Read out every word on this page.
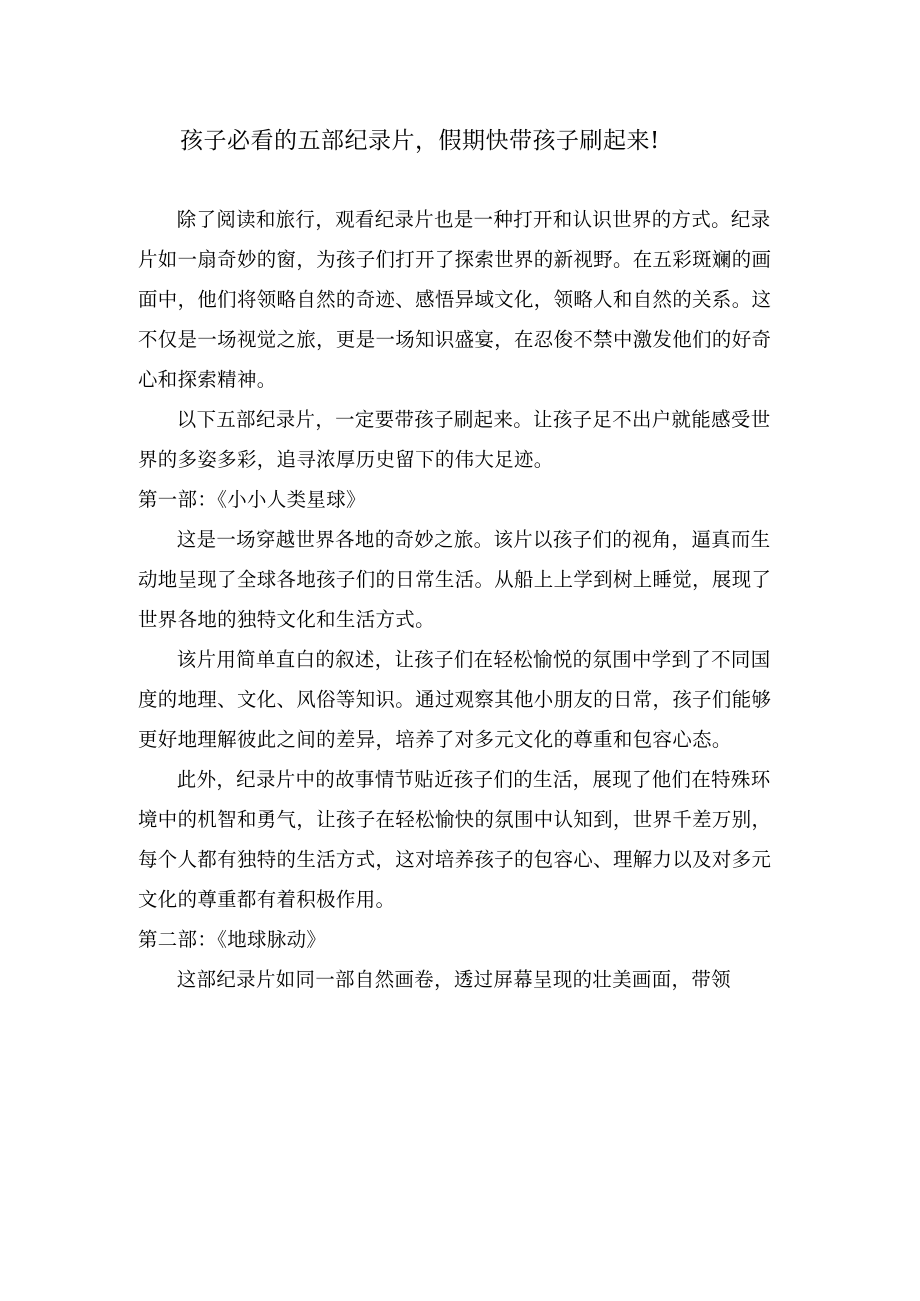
孩子必看的五部纪录片，假期快带孩子刷起来!

除了阅读和旅行，观看纪录片也是一种打开和认识世界的方式。纪录
片如一扇奇妙的窗，为孩子们打开了探索世界的新视野。在五彩斑斓的画
面中，他们将领略自然的奇迹、感悟异域文化，领略人和自然的关系。这
不仅是一场视觉之旅，更是一场知识盛宴，在忍俊不禁中激发他们的好奇
心和探索精神。

以下五部纪录片，一定要带孩子刷起来。让孩子足不出户就能感受世
界的多姿多彩，追寻浓厚历史留下的伟大足迹。

第一部：《小小人类星球》

这是一场穿越世界各地的奇妙之旅。该片以孩子们的视角，逼真而生
动地呈现了全球各地孩子们的日常生活。从船上上学到树上睡觉，展现了
世界各地的独特文化和生活方式。

该片用简单直白的叙述，让孩子们在轻松愉悦的氛围中学到了不同国
度的地理、文化、风俗等知识。通过观察其他小朋友的日常，孩子们能够
更好地理解彼此之间的差异，培养了对多元文化的尊重和包容心态。

此外，纪录片中的故事情节贴近孩子们的生活，展现了他们在特殊环
境中的机智和勇气，让孩子在轻松愉快的氛围中认知到，世界千差万别，
每个人都有独特的生活方式，这对培养孩子的包容心、理解力以及对多元
文化的尊重都有着积极作用。

第二部：《地球脉动》

这部纪录片如同一部自然画卷，透过屏幕呈现的壮美画面，带领
